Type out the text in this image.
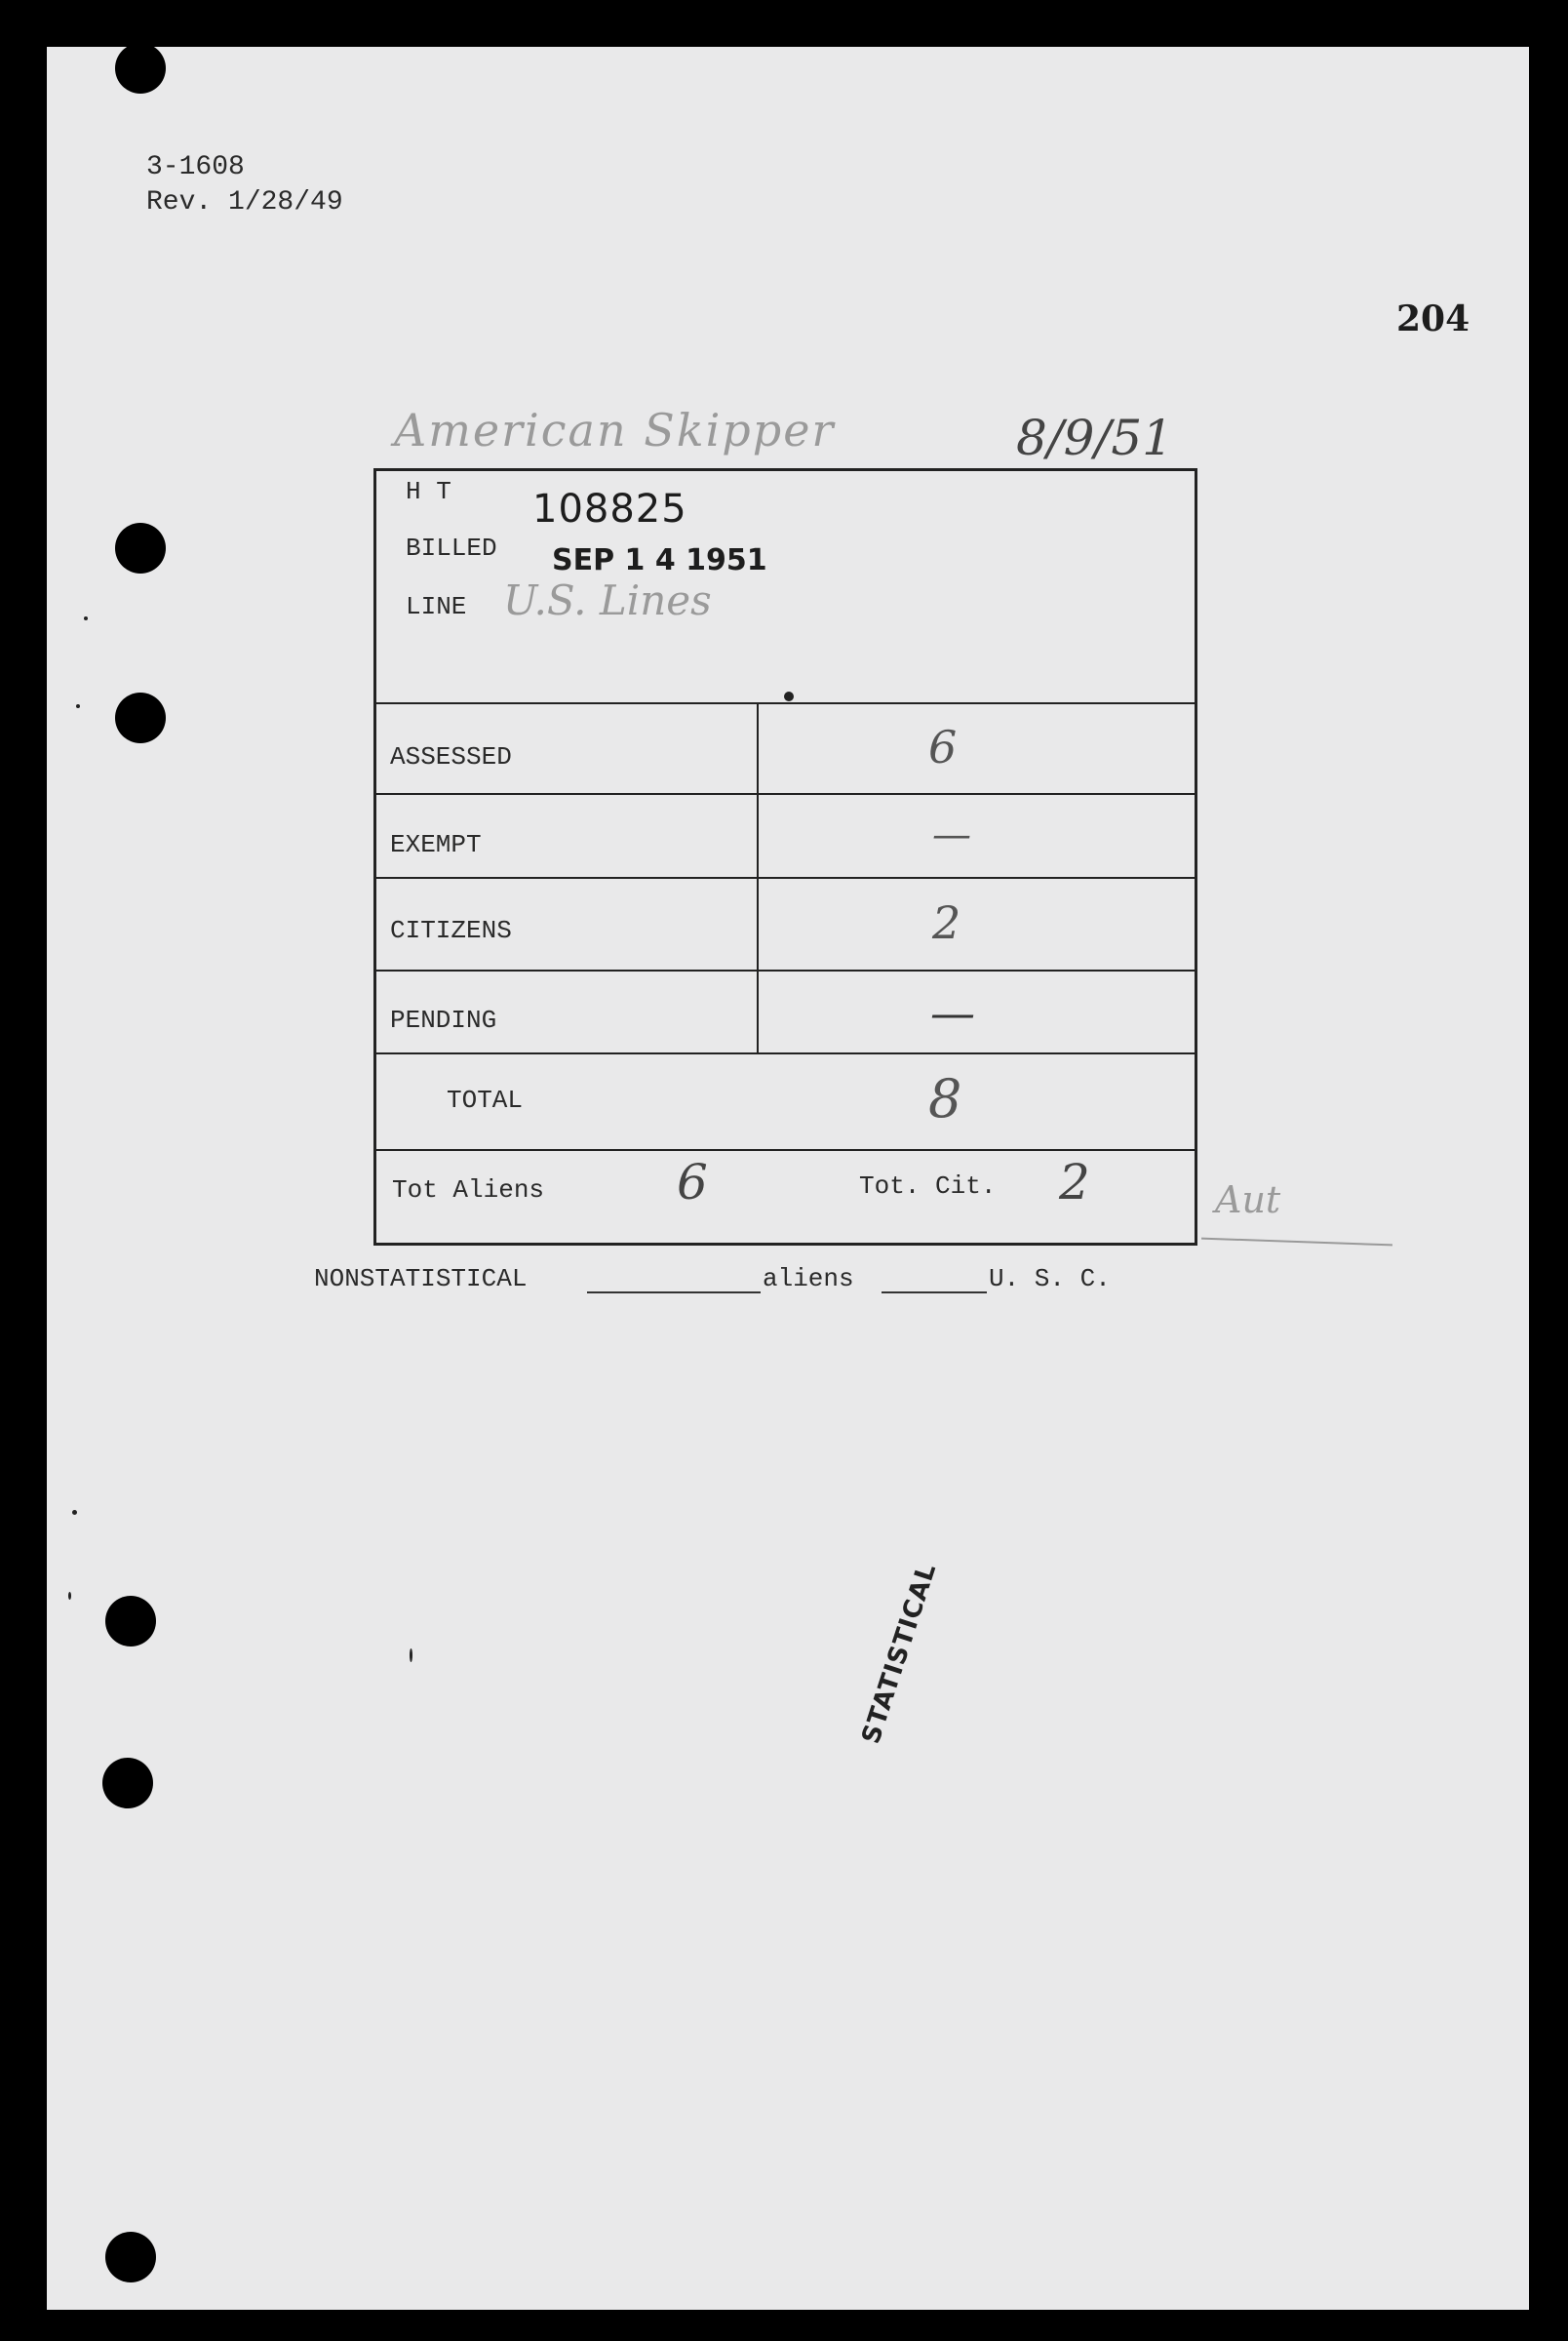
3-1608
Rev. 1/28/49
204
American Skipper	8/9/51
H T 108825
BILLED SEP 1 4 1951
LINE U.S. Lines
ASSESSED	6
EXEMPT	—
CITIZENS	2
PENDING	—
TOTAL	8
Tot Aliens	6	Tot. Cit. 2	Aut
NONSTATISTICAL	aliens	U. S. C.
STATISTICAL
